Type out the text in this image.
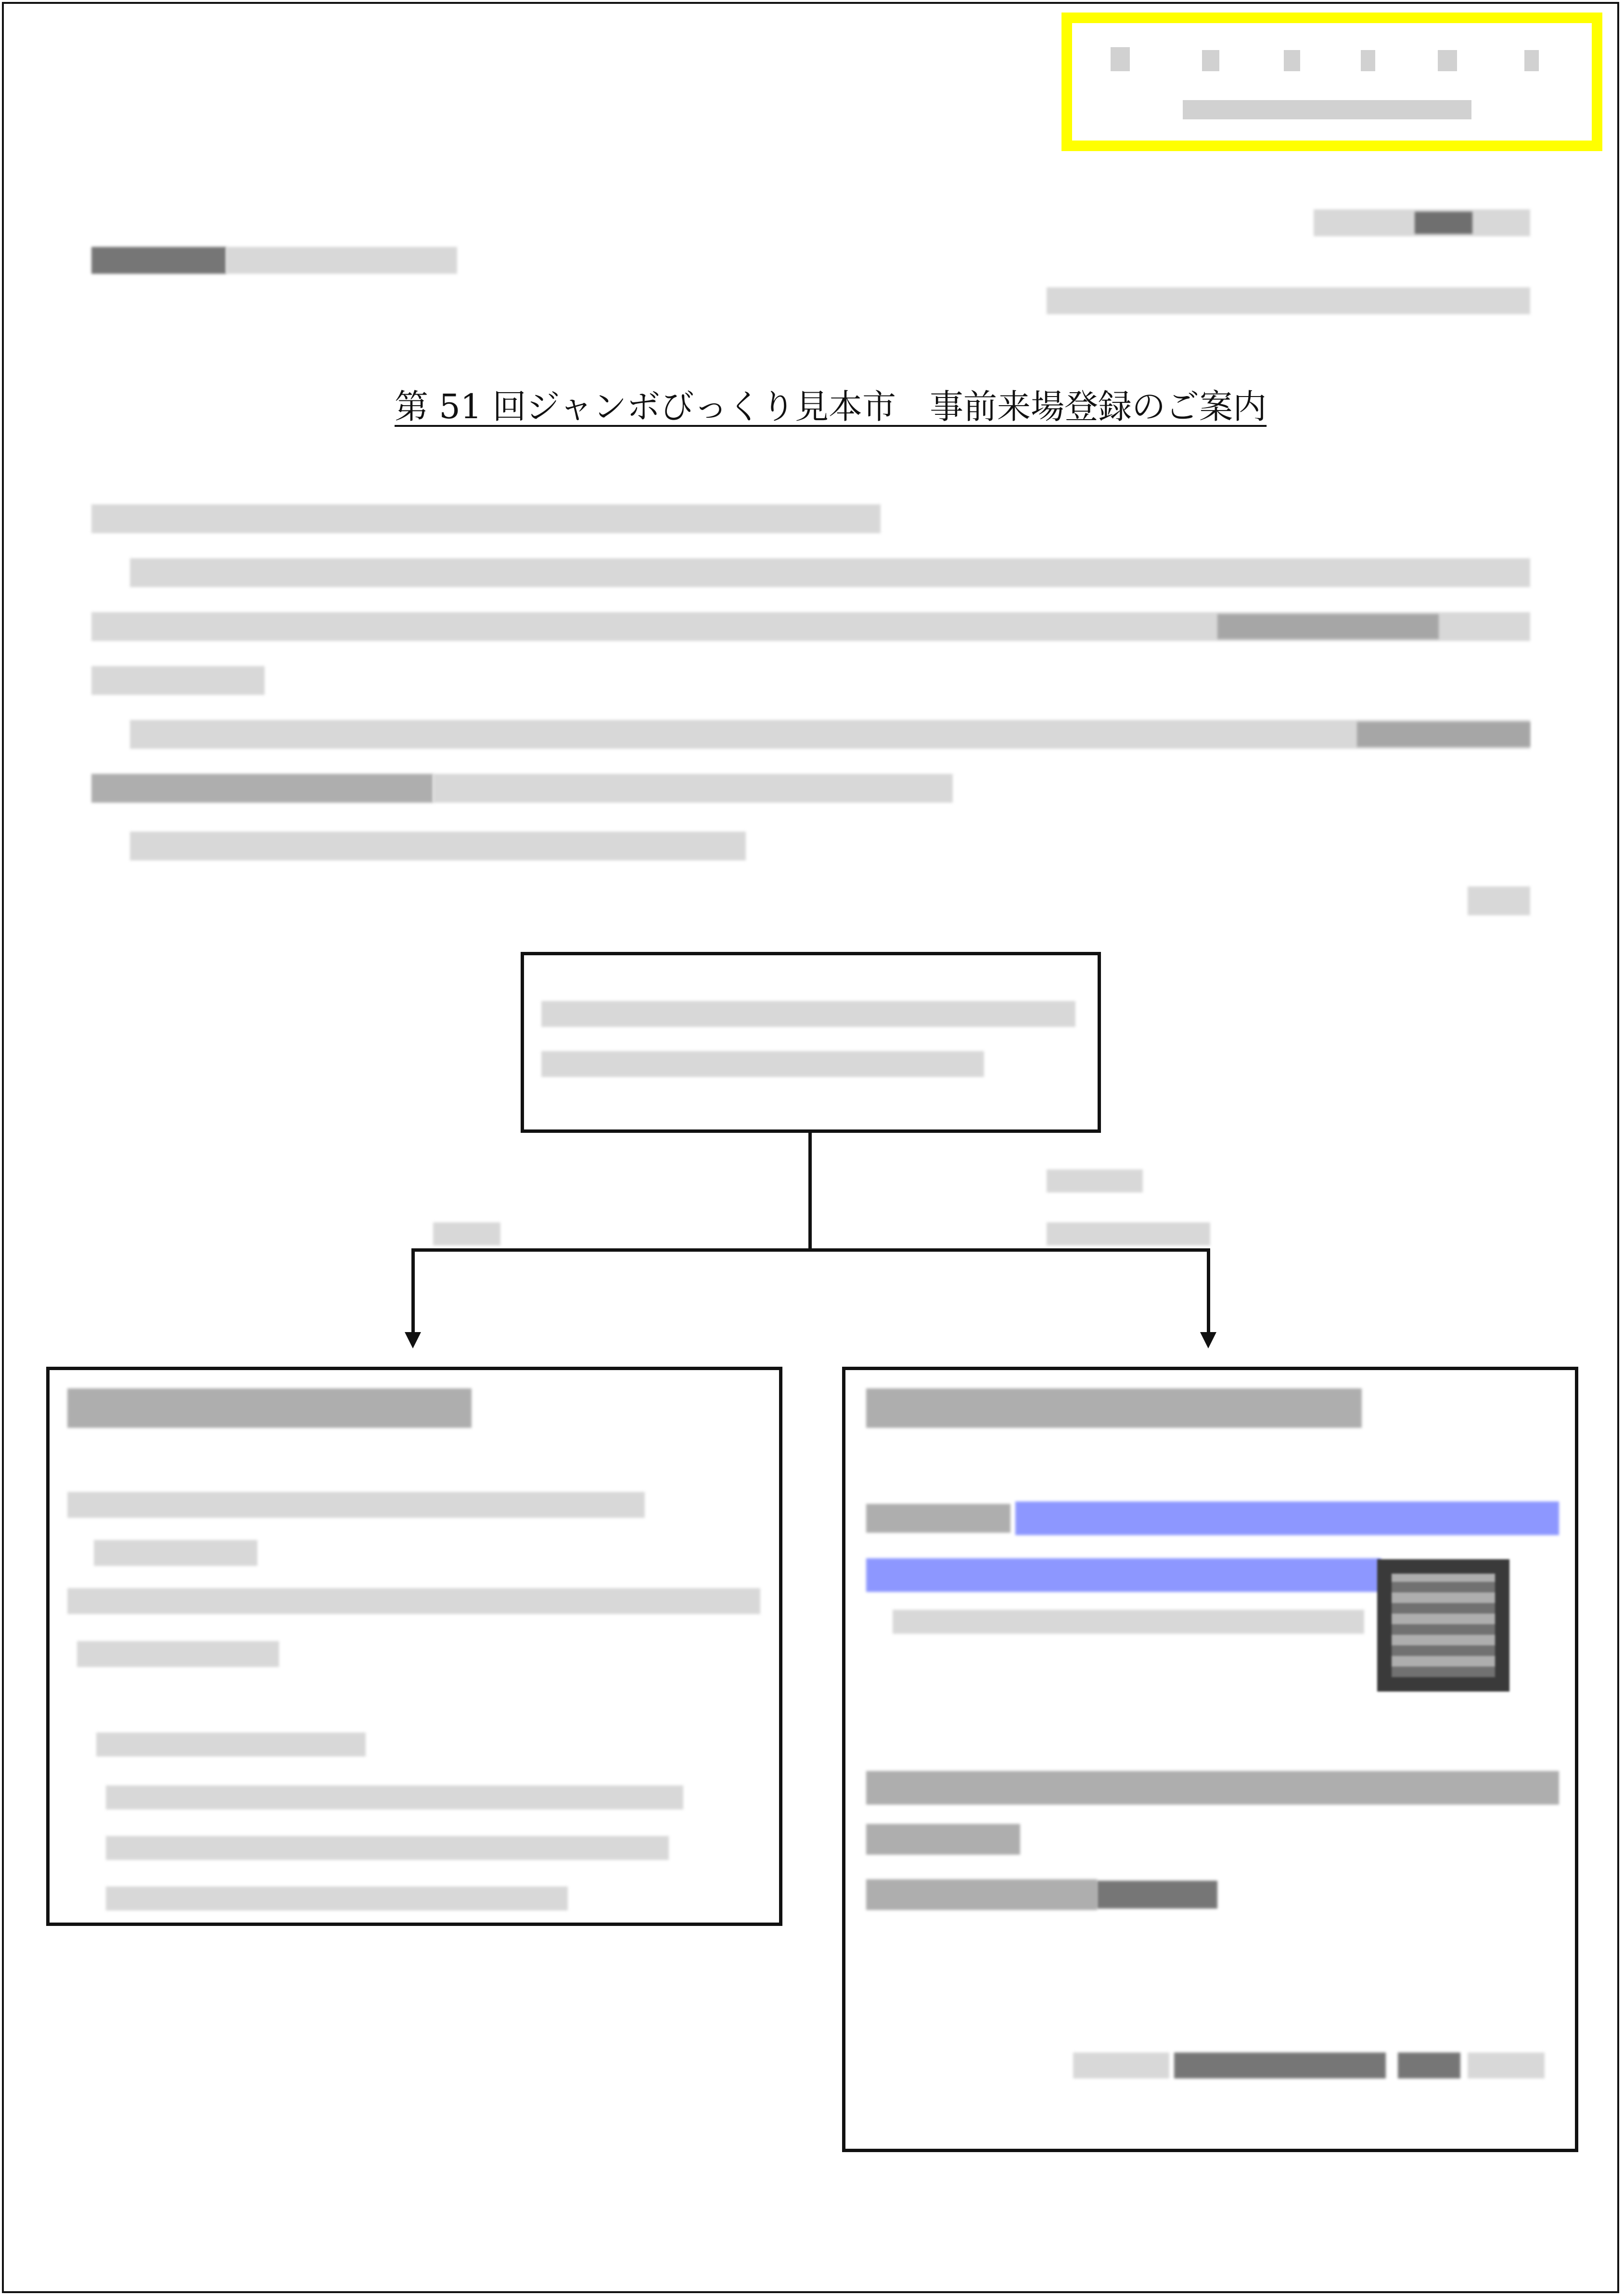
第 51 回ジャンボびっくり見本市　事前来場登録のご案内
